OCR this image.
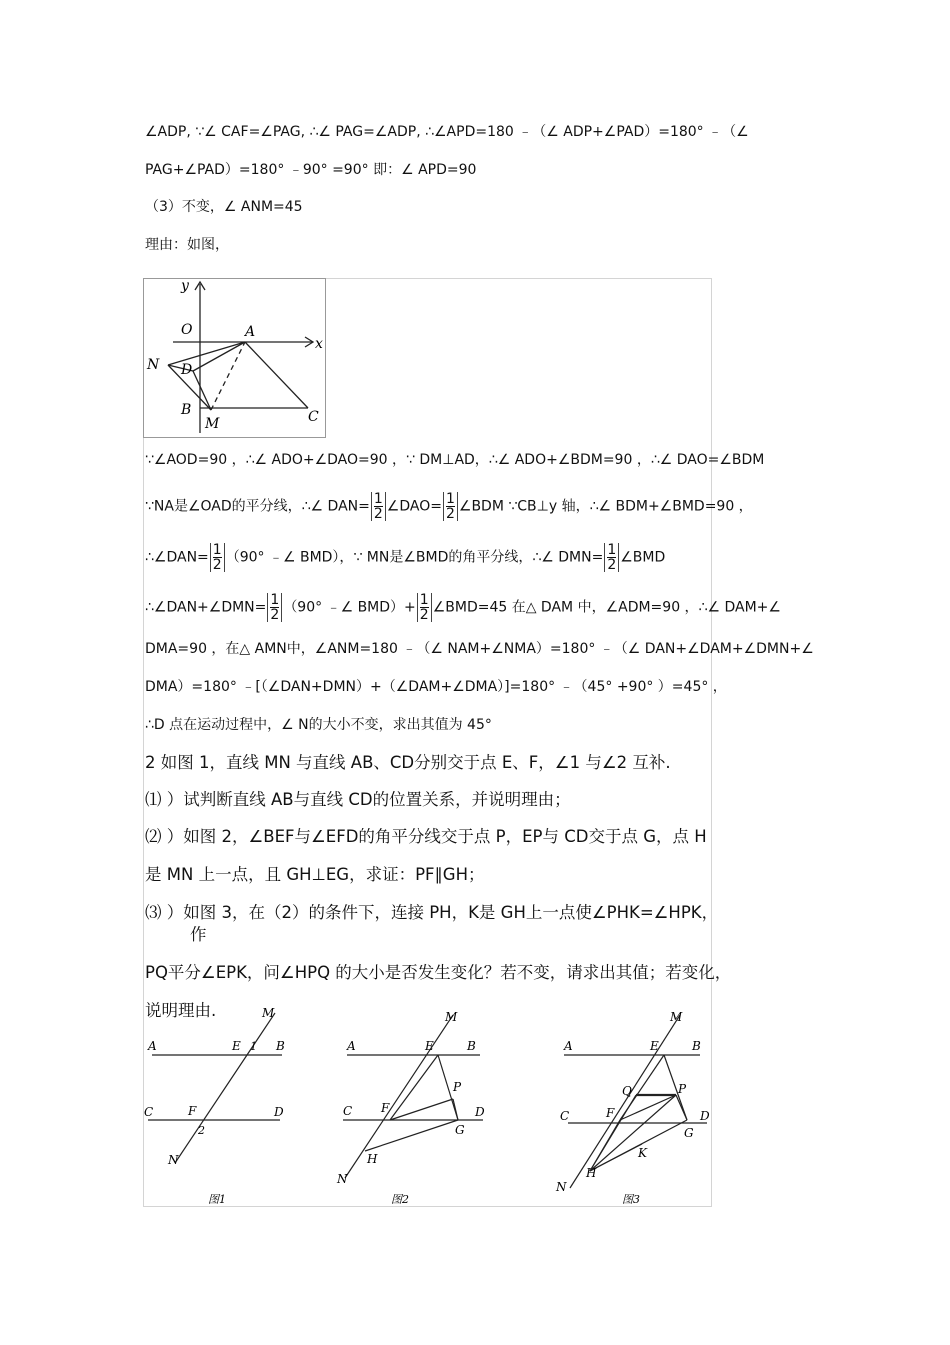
∠ADP, ∵∠ CAF=∠PAG, ∴∠ PAG=∠ADP, ∴∠APD=180 ﹣（∠ ADP+∠PAD）=180° ﹣（∠
PAG+∠PAD）=180° ﹣90° =90° 即：∠ APD=90
（3）不变，∠ ANM=45
理由：如图，
y
x
O	A
N D
B
M	C
∵∠AOD=90 ，∴∠ ADO+∠DAO=90 ，∵ DM⊥AD，∴∠ ADO+∠BDM=90 ，∴∠ DAO=∠BDM
∵NA是∠OAD的平分线，∴∠ $DAN= \frac{1}{2}$ ∠DAO= $\frac{1}{2}$ ∠BDM ∵CB⊥y 轴，∴∠ BDM+∠BMD=90 ，
∴∠DAN= $\frac{1}{2} (90^\circ$ ﹣∠ BMD），∵ MN是∠BMD的角平分线，∴∠ $DMN= \frac{1}{2}$ ∠BMD
∴∠DAN+∠DMN= $\frac{1}{2} (90^\circ$ ﹣∠ $BMD)+ \frac{1}{2}$ ∠BMD=45 在△ DAM 中，∠ADM=90 ，∴∠ DAM+∠
DMA=90 ，在△ AMN中，∠ANM=180 ﹣（∠ NAM+∠NMA）=180° ﹣（∠ DAN+∠DAM+∠DMN+∠
DMA）=180° ﹣[（∠DAN+DMN）+（∠DAM+∠DMA）]=180° ﹣（45° +90° ）=45° ，
∴D 点在运动过程中，∠ N的大小不变，求出其值为 45°
2 如图 1，直线 MN 与直线 AB、CD分别交于点 E、F，∠1 与∠2 互补.
⑴ ）试判断直线 AB与直线 CD的位置关系，并说明理由；
⑵ ）如图 2，∠BEF与∠EFD的角平分线交于点 P，EP与 CD交于点 G，点 H
是 MN 上一点，且 GH⊥EG，求证：PF∥GH；
⑶ ）如图 3，在（2）的条件下，连接 PH，K是 GH上一点使∠PHK=∠HPK，
作
PQ平分∠EPK，问∠HPQ 的大小是否发生变化？若不变，请求出其值；若变化，
说明理由.	M
A	E 1 B
C	F	D
2
N
图1
M
A	E	B
P
C F	D
G
H
N
图2
M
A	E	B
Q	P
C	F	D
G
K
H
N
图3
